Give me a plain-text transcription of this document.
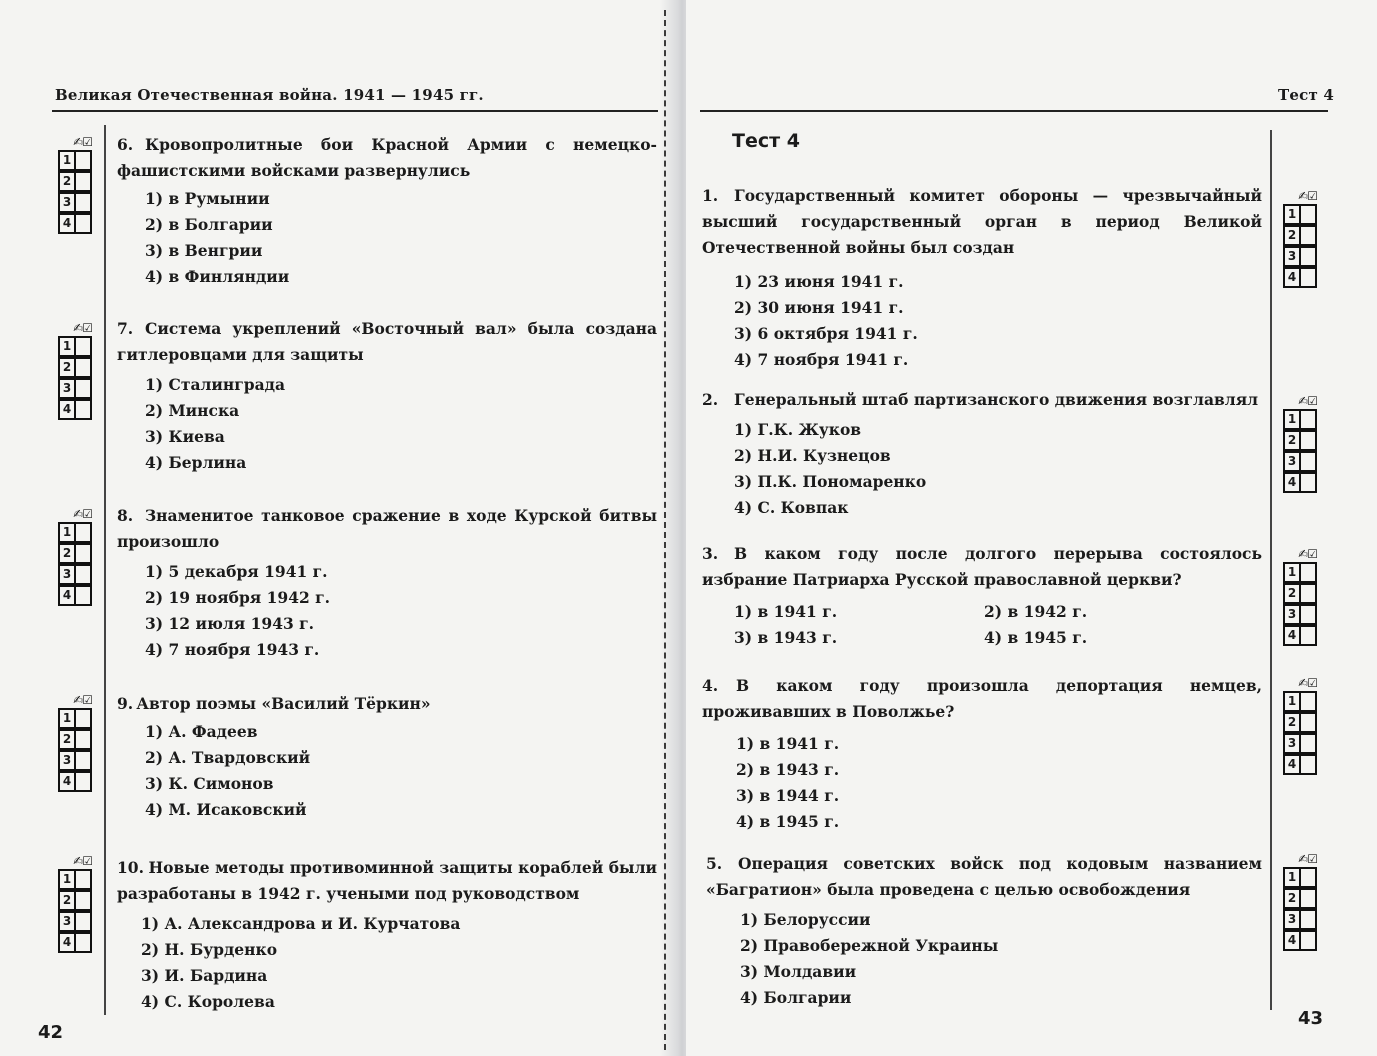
Великая Отечественная война. 1941 — 1945 гг.
✍☑
1
2
3
4
6. Кровопролитные бои Красной Армии с немецко-фашистскими войсками развернулись
1) в Румынии
2) в Болгарии
3) в Венгрии
4) в Финляндии
✍☑
1
2
3
4
7. Система укреплений «Восточный вал» была создана гитлеровцами для защиты
1) Сталинграда
2) Минска
3) Киева
4) Берлина
✍☑
1
2
3
4
8. Знаменитое танковое сражение в ходе Курской битвы произошло
1) 5 декабря 1941 г.
2) 19 ноября 1942 г.
3) 12 июля 1943 г.
4) 7 ноября 1943 г.
✍☑
1
2
3
4
9. Автор поэмы «Василий Тёркин»
1) А. Фадеев
2) А. Твардовский
3) К. Симонов
4) М. Исаковский
✍☑
1
2
3
4
10. Новые методы противоминной защиты кораблей были разработаны в 1942 г. учеными под руководством
1) А. Александрова и И. Курчатова
2) Н. Бурденко
3) И. Бардина
4) С. Королева
42
Тест 4
Тест 4
1. Государственный комитет обороны — чрезвычайный высший государственный орган в период Великой Отечественной войны был создан
1) 23 июня 1941 г.
2) 30 июня 1941 г.
3) 6 октября 1941 г.
4) 7 ноября 1941 г.
✍☑
1
2
3
4
2. Генеральный штаб партизанского движения возглавлял
1) Г.К. Жуков
2) Н.И. Кузнецов
3) П.К. Пономаренко
4) С. Ковпак
✍☑
1
2
3
4
3. В каком году после долгого перерыва состоялось избрание Патриарха Русской православной церкви?
1) в 1941 г.	2) в 1942 г.
3) в 1943 г.	4) в 1945 г.
✍☑
1
2
3
4
4. В каком году произошла депортация немцев, проживавших в Поволжье?
1) в 1941 г.
2) в 1943 г.
3) в 1944 г.
4) в 1945 г.
✍☑
1
2
3
4
5. Операция советских войск под кодовым названием «Багратион» была проведена с целью освобождения
1) Белоруссии
2) Правобережной Украины
3) Молдавии
4) Болгарии
✍☑
1
2
3
4
43
